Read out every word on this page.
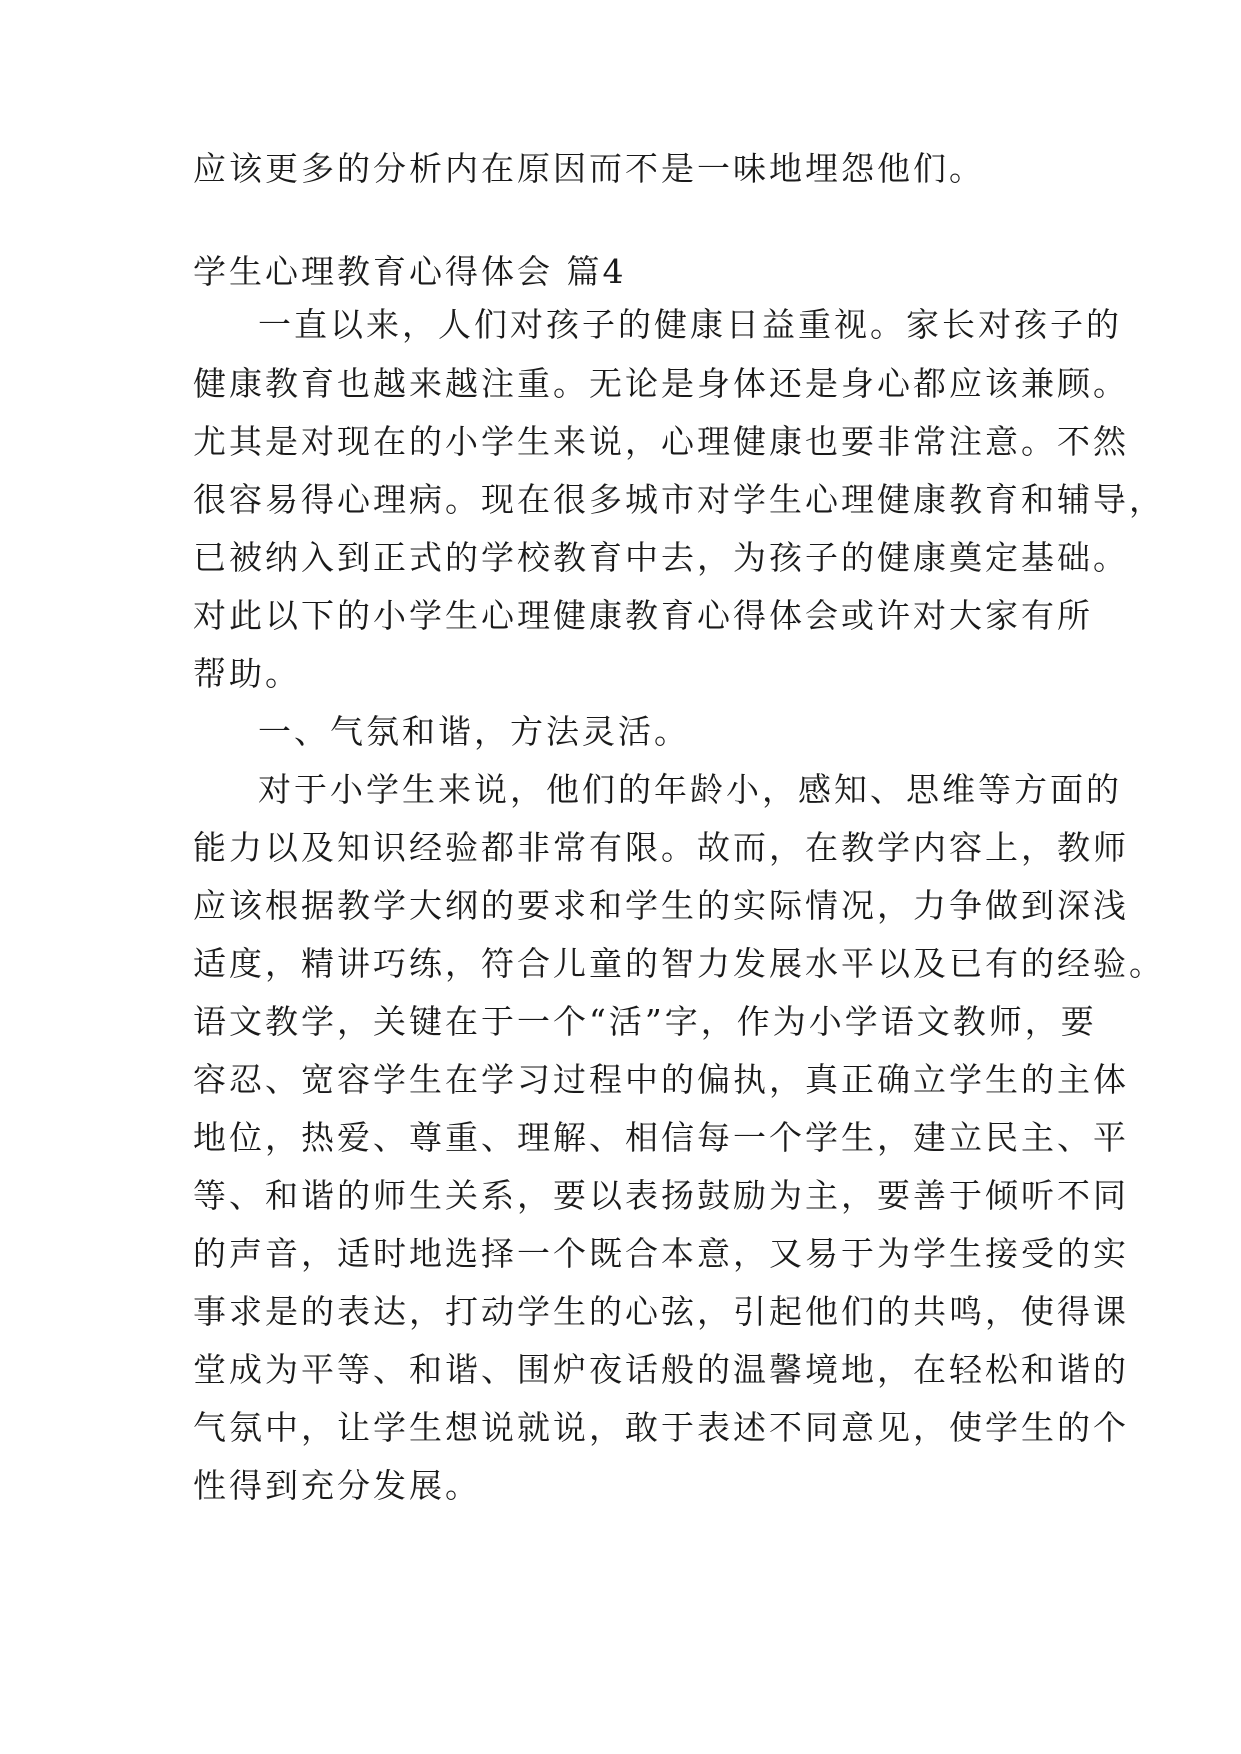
应该更多的分析内在原因而不是一味地埋怨他们。
学生心理教育心得体会 篇4
一直以来，人们对孩子的健康日益重视。家长对孩子的
健康教育也越来越注重。无论是身体还是身心都应该兼顾。
尤其是对现在的小学生来说，心理健康也要非常注意。不然
很容易得心理病。现在很多城市对学生心理健康教育和辅导，
已被纳入到正式的学校教育中去，为孩子的健康奠定基础。
对此以下的小学生心理健康教育心得体会或许对大家有所
帮助。
一、气氛和谐，方法灵活。
对于小学生来说，他们的年龄小，感知、思维等方面的
能力以及知识经验都非常有限。故而，在教学内容上，教师
应该根据教学大纲的要求和学生的实际情况，力争做到深浅
适度，精讲巧练，符合儿童的智力发展水平以及已有的经验。
语文教学，关键在于一个“活”字，作为小学语文教师，要
容忍、宽容学生在学习过程中的偏执，真正确立学生的主体
地位，热爱、尊重、理解、相信每一个学生，建立民主、平
等、和谐的师生关系，要以表扬鼓励为主，要善于倾听不同
的声音，适时地选择一个既合本意，又易于为学生接受的实
事求是的表达，打动学生的心弦，引起他们的共鸣，使得课
堂成为平等、和谐、围炉夜话般的温馨境地，在轻松和谐的
气氛中，让学生想说就说，敢于表述不同意见，使学生的个
性得到充分发展。
